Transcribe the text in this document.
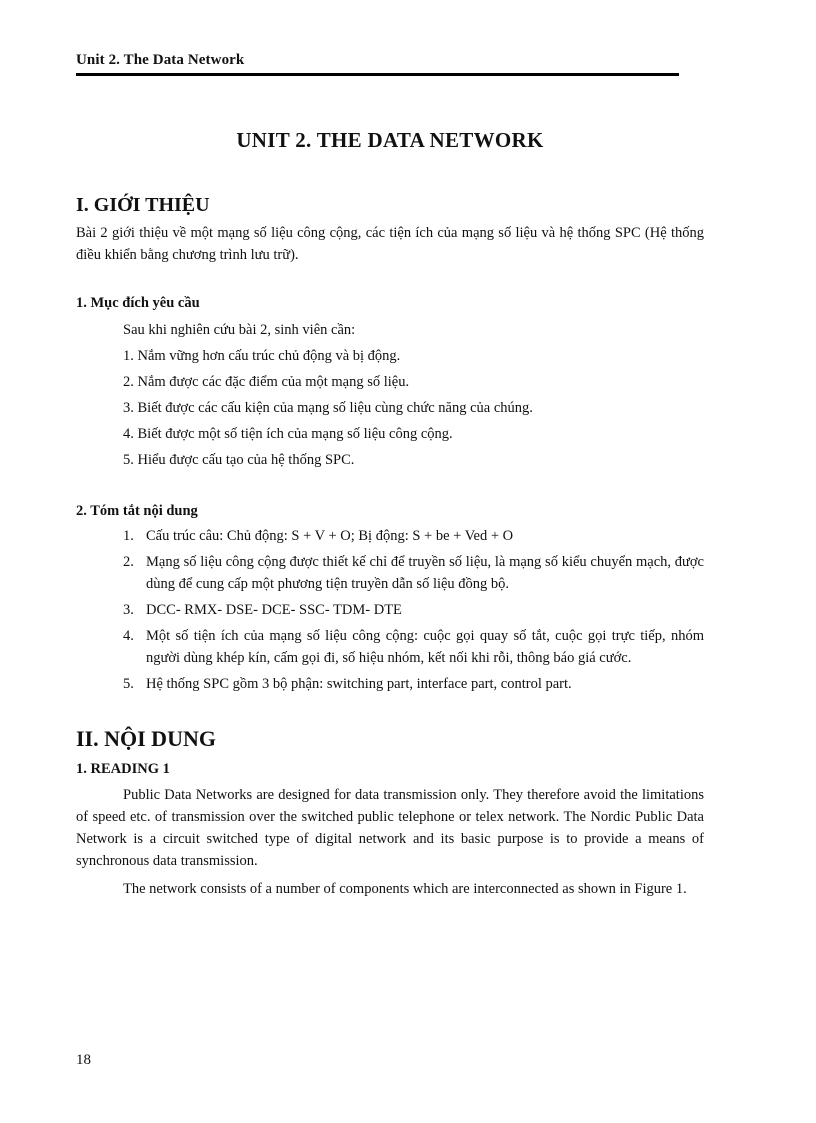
Unit 2. The Data Network
UNIT 2. THE DATA NETWORK
I. GIỚI THIỆU

Bài 2 giới thiệu về một mạng số liệu công cộng, các tiện ích của mạng số liệu và hệ thống SPC (Hệ thống điều khiển bằng chương trình lưu trữ).

1. Mục đích yêu cầu
Sau khi nghiên cứu bài 2, sinh viên cần:
1. Nắm vững hơn cấu trúc chủ động và bị động.
2. Nắm được các đặc điểm của một mạng số liệu.
3. Biết được các cấu kiện của mạng số liệu cùng chức năng của chúng.
4. Biết được một số tiện ích của mạng số liệu công cộng.
5. Hiểu được cấu tạo của hệ thống SPC.
2. Tóm tắt nội dung
1. Cấu trúc câu: Chủ động: S + V + O; Bị động: S + be + Ved + O
2. Mạng số liệu công cộng được thiết kế chỉ để truyền số liệu, là mạng số kiểu chuyển mạch, được dùng để cung cấp một phương tiện truyền dẫn số liệu đồng bộ.
3. DCC- RMX- DSE- DCE- SSC- TDM- DTE
4. Một số tiện ích của mạng số liệu công cộng: cuộc gọi quay số tắt, cuộc gọi trực tiếp, nhóm người dùng khép kín, cấm gọi đi, số hiệu nhóm, kết nối khi rỗi, thông báo giá cước.
5. Hệ thống SPC gồm 3 bộ phận: switching part, interface part, control part.
II. NỘI DUNG
1. READING 1

Public Data Networks are designed for data transmission only. They therefore avoid the limitations of speed etc. of transmission over the switched public telephone or telex network. The Nordic Public Data Network is a circuit switched type of digital network and its basic purpose is to provide a means of synchronous data transmission.

The network consists of a number of components which are interconnected as shown in Figure 1.

18
